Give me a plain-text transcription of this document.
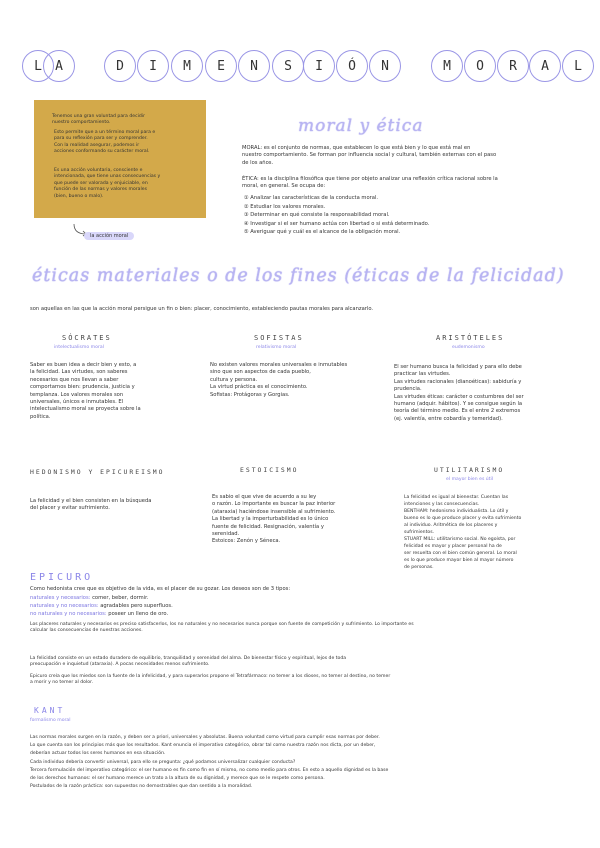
L	A	D	I	M	E	N	S	I	Ó	N	M	O	R	A	L
Tenemos una gran voluntad para decidir
nuestro comportamiento.
Esto permite que a un término moral para e
para su reflexión para ser y comprender.
Con la realidad asegurar, podemos ir
acciones conformando su carácter moral.
Es una acción voluntaria, consciente e
intencionada, que tiene unas consecuencias y
que puede ser valorada y enjuiciable, en
función de las normas y valores morales
(bien, bueno o malo).
la acción moral
moral y ética
MORAL: es el conjunto de normas, que establecen lo que está bien y lo que está mal en
nuestro comportamiento. Se forman por influencia social y cultural, también externas con el paso
de los años.
ÉTICA: es la disciplina filosófica que tiene por objeto analizar una reflexión crítica racional sobre la
moral, en general. Se ocupa de:
① Analizar las características de la conducta moral.
② Estudiar los valores morales.
③ Determinar en qué consiste la responsabilidad moral.
④ Investigar si el ser humano actúa con libertad o si está determinado.
⑤ Averiguar qué y cuál es el alcance de la obligación moral.
éticas materiales o de los fines (éticas de la felicidad)
son aquellas en las que la acción moral persigue un fin o bien: placer, conocimiento, estableciendo pautas morales para alcanzarlo.
SÓCRATES
intelectualismo moral
Saber es buen idea a decir bien y esto, a
la felicidad. Las virtudes, son saberes
necesarios que nos llevan a saber
comportarnos bien: prudencia, justicia y
templanza. Los valores morales son
universales, únicos e inmutables. El
intelectualismo moral se proyecta sobre la
política.
SOFISTAS
relativismo moral
No existen valores morales universales e inmutables
sino que son aspectos de cada pueblo,
cultura y persona.
La virtud práctica es el conocimiento.
Sofistas: Protágoras y Gorgias.
ARISTÓTELES
eudemonismo
El ser humano busca la felicidad y para ello debe
practicar las virtudes.
Las virtudes racionales (dianoéticas): sabiduría y
prudencia.
Las virtudes éticas: carácter o costumbres del ser
humano (adquir. hábitos). Y se consigue según la
teoría del término medio. Es el entre 2 extremos
(ej. valentía, entre cobardía y temeridad).
HEDONISMO Y EPICUREISMO
La felicidad y el bien consisten en la búsqueda
del placer y evitar sufrimiento.
ESTOICISMO
Es sabio el que vive de acuerdo a su ley
o razón. Lo importante es buscar la paz interior
(ataraxia) haciéndose insensible al sufrimiento.
La libertad y la imperturbabilidad es lo único
fuente de felicidad. Resignación, valentía y
serenidad.
Estoicos: Zenón y Séneca.
UTILITARISMO
el mayor bien es útil
La felicidad es igual al bienestar. Cuentan las
intenciones y las consecuencias.
BENTHAM: hedonismo individualista. Lo útil y
bueno es lo que produce placer y evita sufrimiento
al individuo. Aritmética de los placeres y
sufrimientos.
STUART MILL: utilitarismo social. No egoísta, por
felicidad es mayor y placer personal ha de
ser resuelta con el bien común general. Lo moral
es lo que produce mayor bien al mayor número
de personas.
EPICURO
Como hedonista cree que es objetivo de la vida, es el placer de su gozar. Los deseos son de 3 tipos:
naturales y necesarios: comer, beber, dormir.
naturales y no necesarios: agradables pero superfluos.
no naturales y no necesarios: poseer un lleno de oro.
Los placeres naturales y necesarios es preciso satisfacerlos, los no naturales y no necesarios nunca porque son fuente de competición y sufrimiento. Lo importante es
calcular las consecuencias de nuestras acciones.
La felicidad consiste en un estado duradero de equilibrio, tranquilidad y serenidad del alma. De bienestar físico y espiritual, lejos de toda
preocupación e inquietud (ataraxia). A pocas necesidades menos sufrimiento.
Epicuro creía que los miedos son la fuente de la infelicidad, y para superarlos propone el Tetrafármaco: no temer a los dioses, no temer al destino, no temer
a morir y no temer al dolor.
KANT
formalismo moral
Las normas morales surgen en la razón, y deben ser a priori, universales y absolutas. Buena voluntad como virtud para cumplir esas normas por deber.
Lo que cuenta son los principios más que los resultados. Kant enuncia el imperativo categórico, obrar tal como nuestra razón nos dicta, por un deber,
deberían actuar todos los seres humanos en esa situación.
Cada individuo debería convertir universal, para ello se pregunta: ¿qué podamos universalizar cualquier conducta?
Tercera formulación del imperativo categórico: el ser humano es fin como fin en sí mismo, no como medio para otros. En esto a aquello dignidad es la base
de los derechos humanos: el ser humano merece un trato a la altura de su dignidad, y merece que se le respete como persona.
Postulados de la razón práctica: son supuestos no demostrables que dan sentido a la moralidad.
